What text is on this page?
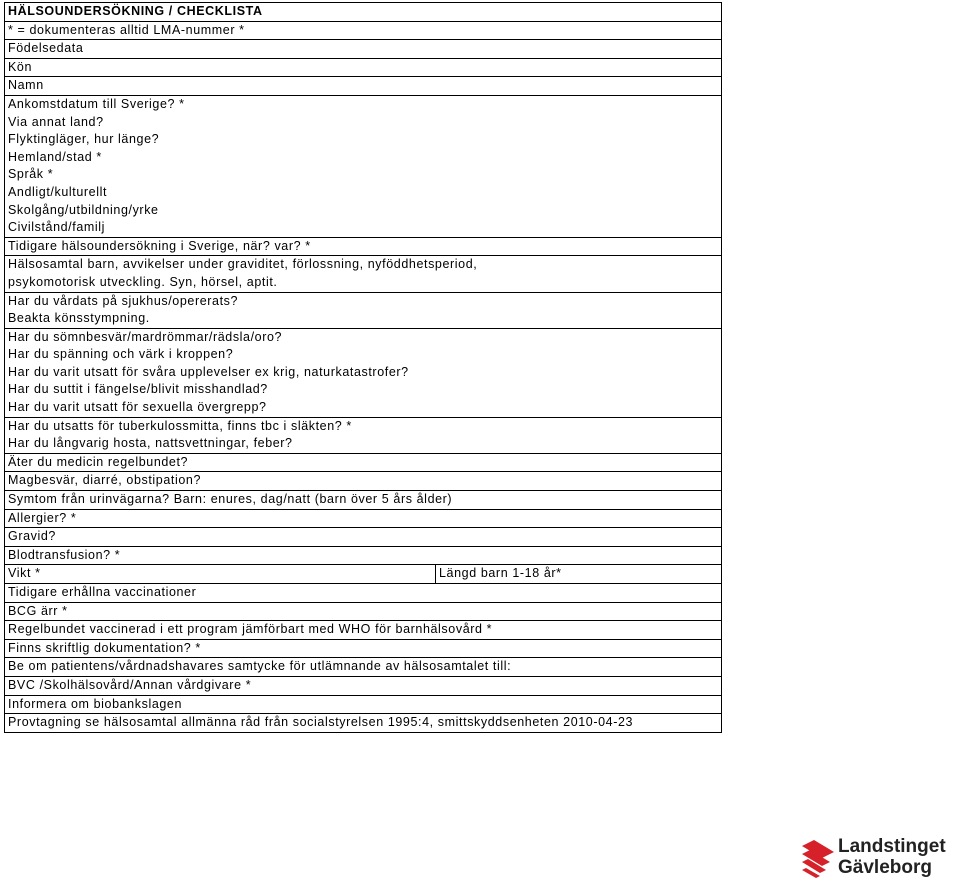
HÄLSOUNDERSÖKNING / CHECKLISTA
* = dokumenteras alltid LMA-nummer *
Födelsedata
Kön
Namn
Ankomstdatum till Sverige? *
Via annat land?
Flyktingläger, hur länge?
Hemland/stad *
Språk *
Andligt/kulturellt
Skolgång/utbildning/yrke
Civilstånd/familj
Tidigare hälsoundersökning i Sverige, när? var? *
Hälsosamtal barn, avvikelser under graviditet, förlossning, nyföddhetsperiod,
psykomotorisk utveckling. Syn, hörsel, aptit.
Har du vårdats på sjukhus/opererats?
Beakta könsstympning.
Har du sömnbesvär/mardrömmar/rädsla/oro?
Har du spänning och värk i kroppen?
Har du varit utsatt för svåra upplevelser ex krig, naturkatastrofer?
Har du suttit i fängelse/blivit misshandlad?
Har du varit utsatt för sexuella övergrepp?
Har du utsatts för tuberkulossmitta, finns tbc i släkten? *
Har du långvarig hosta, nattsvettningar, feber?
Äter du medicin regelbundet?
Magbesvär, diarré, obstipation?
Symtom från urinvägarna? Barn: enures, dag/natt (barn över 5 års ålder)
Allergier? *
Gravid?
Blodtransfusion? *

Vikt *	Längd barn 1-18 år*

Tidigare erhållna vaccinationer
BCG ärr *
Regelbundet vaccinerad i ett program jämförbart med WHO för barnhälsovård *
Finns skriftlig dokumentation? *
Be om patientens/vårdnadshavares samtycke för utlämnande av hälsosamtalet till:
BVC /Skolhälsovård/Annan vårdgivare *
Informera om biobankslagen
Provtagning se hälsosamtal allmänna råd från socialstyrelsen 1995:4, smittskyddsenheten 2010-04-23
Landstinget
Gävleborg
